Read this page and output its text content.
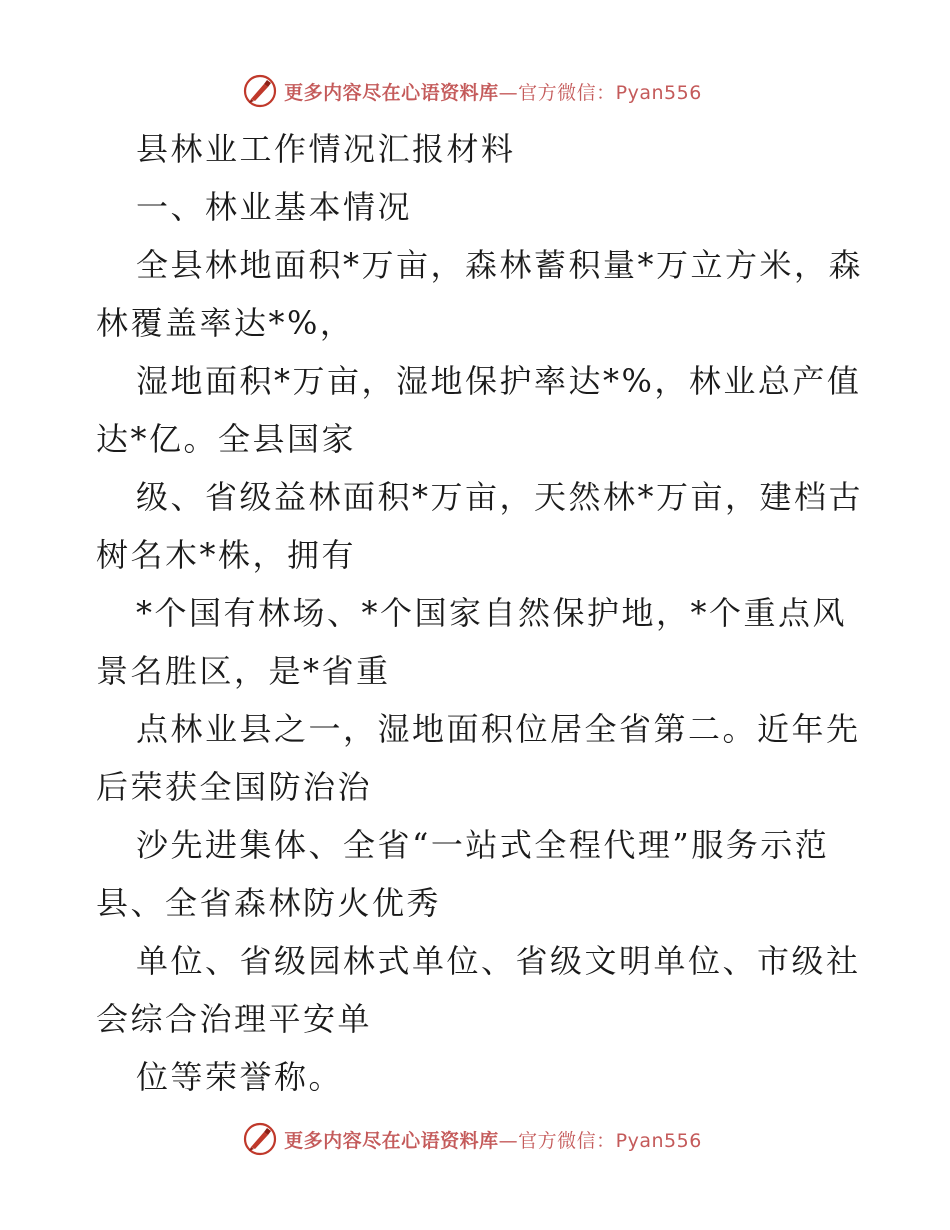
更多内容尽在心语资料库—官方微信：Pyan556
县林业工作情况汇报材料
一、林业基本情况
全县林地面积*万亩，森林蓄积量*万立方米，森
林覆盖率达*%，
湿地面积*万亩，湿地保护率达*%，林业总产值
达*亿。全县国家
级、省级益林面积*万亩，天然林*万亩，建档古
树名木*株，拥有
*个国有林场、*个国家自然保护地，*个重点风
景名胜区，是*省重
点林业县之一，湿地面积位居全省第二。近年先
后荣获全国防治治
沙先进集体、全省“一站式全程代理”服务示范
县、全省森林防火优秀
单位、省级园林式单位、省级文明单位、市级社
会综合治理平安单
位等荣誉称。
更多内容尽在心语资料库—官方微信：Pyan556
